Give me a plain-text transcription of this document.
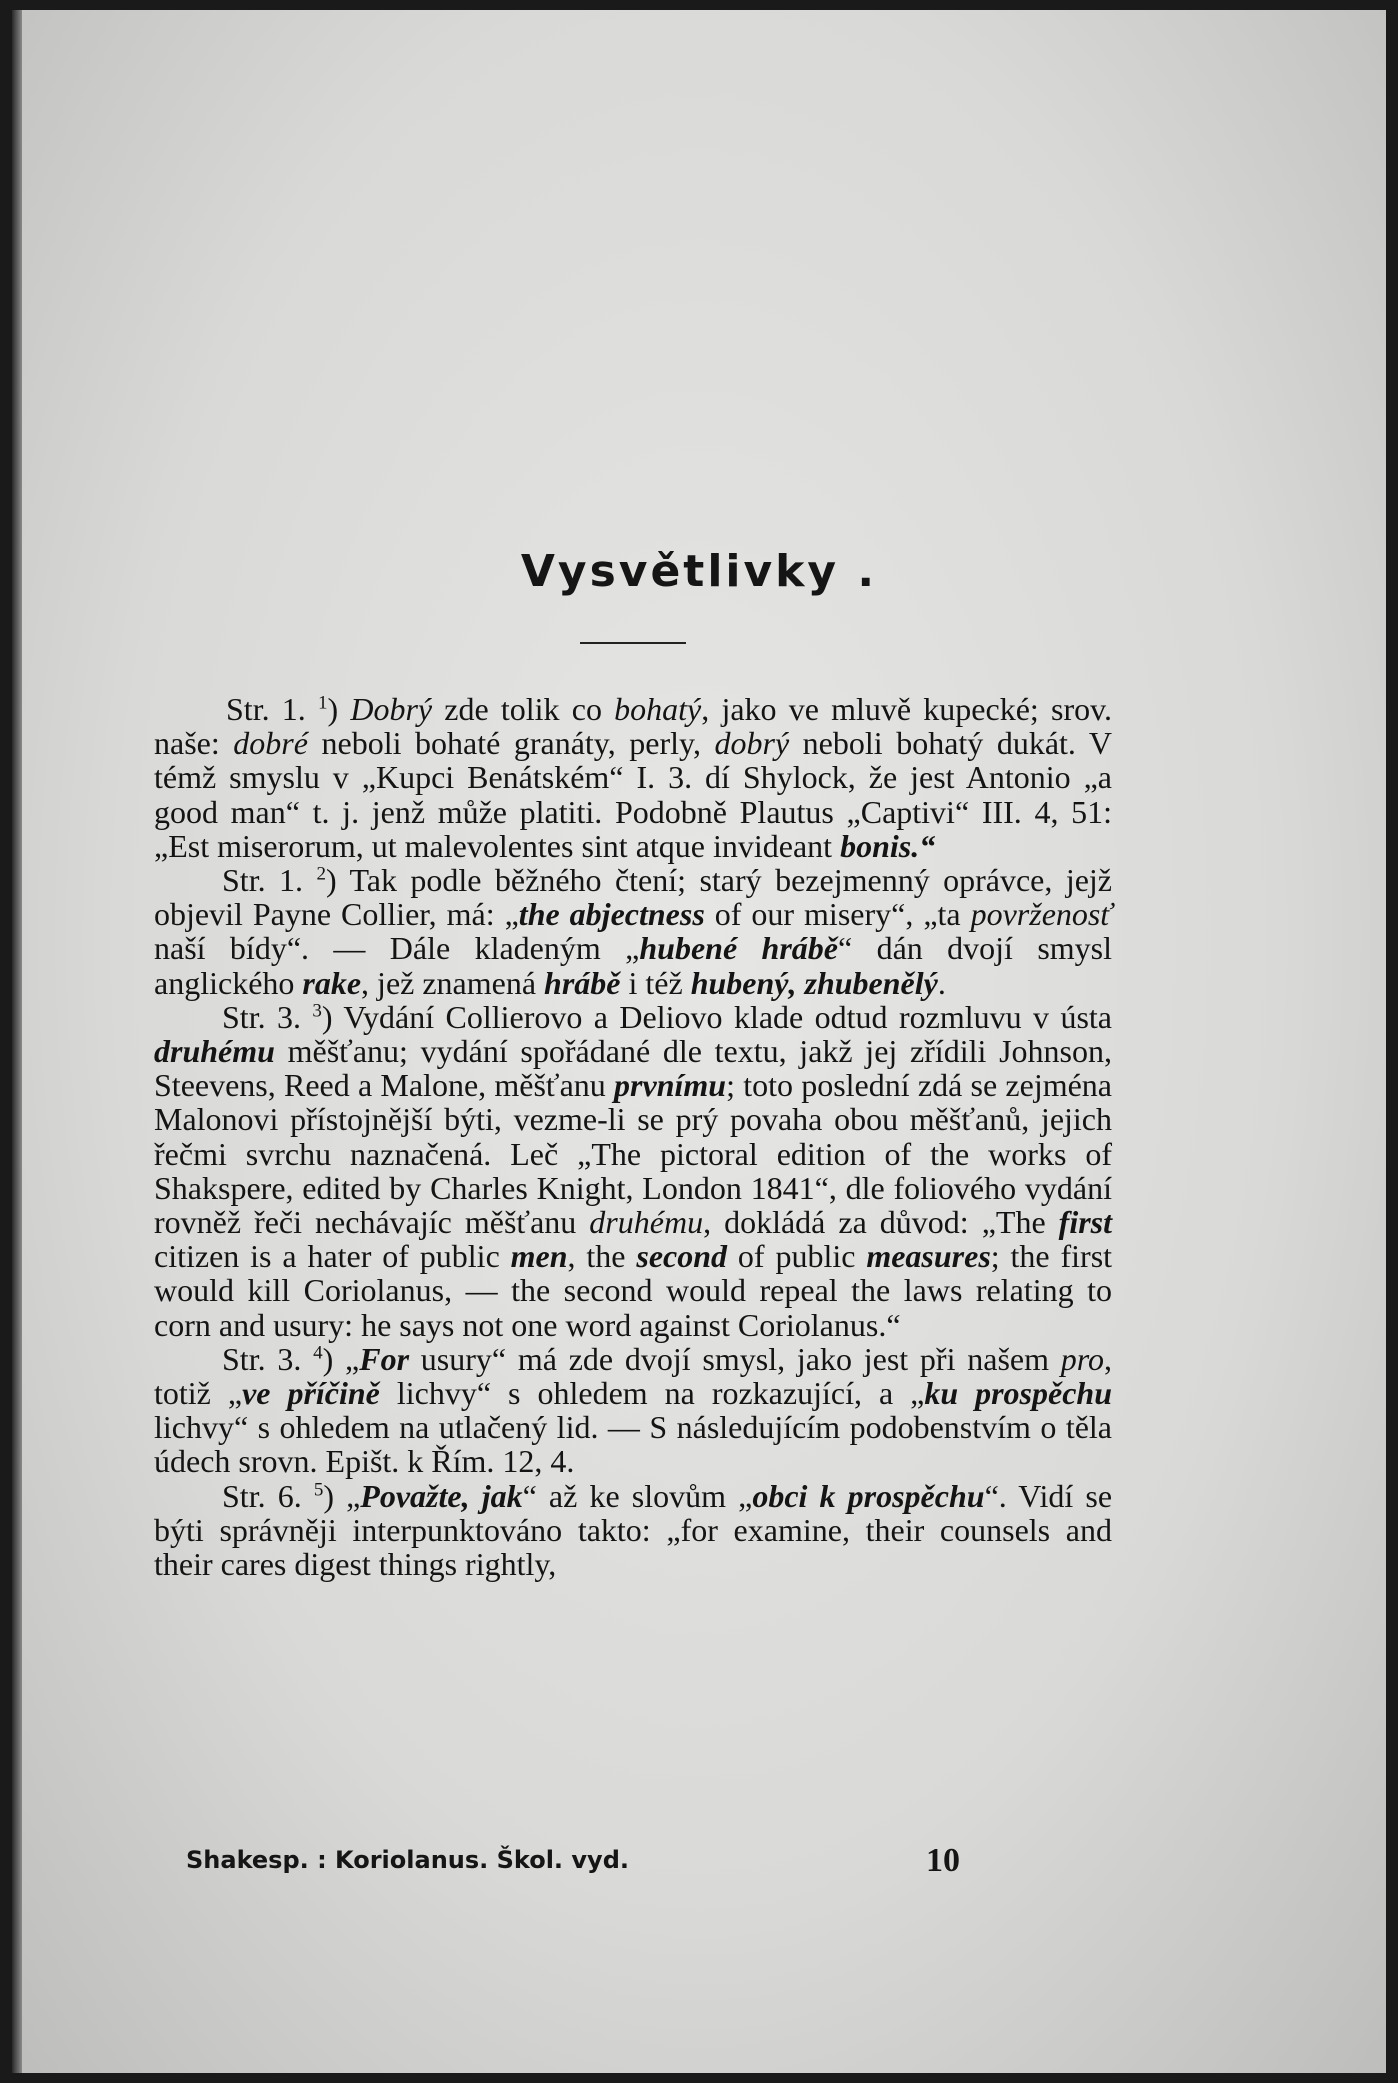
Vysvětlivky .

Str. 1. $^1$) Dobrý zde tolik co bohatý, jako ve mluvě kupecké; srov. naše: dobré neboli bohaté granáty, perly, dobrý neboli bohatý dukát. V témž smyslu v „Kupci Benátském“ I. 3. dí Shylock, že jest Antonio „a good man“ t. j. jenž může platiti. Podobně Plautus „Captivi“ III. 4, 51: „Est miserorum, ut malevolentes sint atque invideant bonis.“

Str. 1. $^2$) Tak podle běžného čtení; starý bezejmenný oprávce, jejž objevil Payne Collier, má: „the abjectness of our misery“, „ta povrženosť naší bídy“. — Dále kladeným „hubené hrábě“ dán dvojí smysl anglického rake, jež znamená hrábě i též hubený, zhubenělý.

Str. 3. $^3$) Vydání Collierovo a Deliovo klade odtud rozmluvu v ústa druhému měšťanu; vydání spořádané dle textu, jakž jej zřídili Johnson, Steevens, Reed a Malone, měšťanu prvnímu; toto poslední zdá se zejména Malonovi přístojnější býti, vezme-li se prý povaha obou měšťanů, jejich řečmi svrchu naznačená. Leč „The pictoral edition of the works of Shakspere, edited by Charles Knight, London 1841“, dle foliového vydání rovněž řeči nechávajíc měšťanu druhému, dokládá za důvod: „The first citizen is a hater of public men, the second of public measures; the first would kill Coriolanus, — the second would repeal the laws relating to corn and usury: he says not one word against Coriolanus.“

Str. 3. $^4$) „For usury“ má zde dvojí smysl, jako jest při našem pro, totiž „ve příčině lichvy“ s ohledem na rozkazující, a „ku prospěchu lichvy“ s ohledem na utlačený lid. — S následujícím podobenstvím o těla údech srovn. Epišt. k Řím. 12, 4.

Str. 6. $^5$) „Považte, jak“ až ke slovům „obci k prospěchu“. Vidí se býti správněji interpunktováno takto: „for examine, their counsels and their cares digest things rightly,

Shakesp. : Koriolanus. Škol. vyd.	10
